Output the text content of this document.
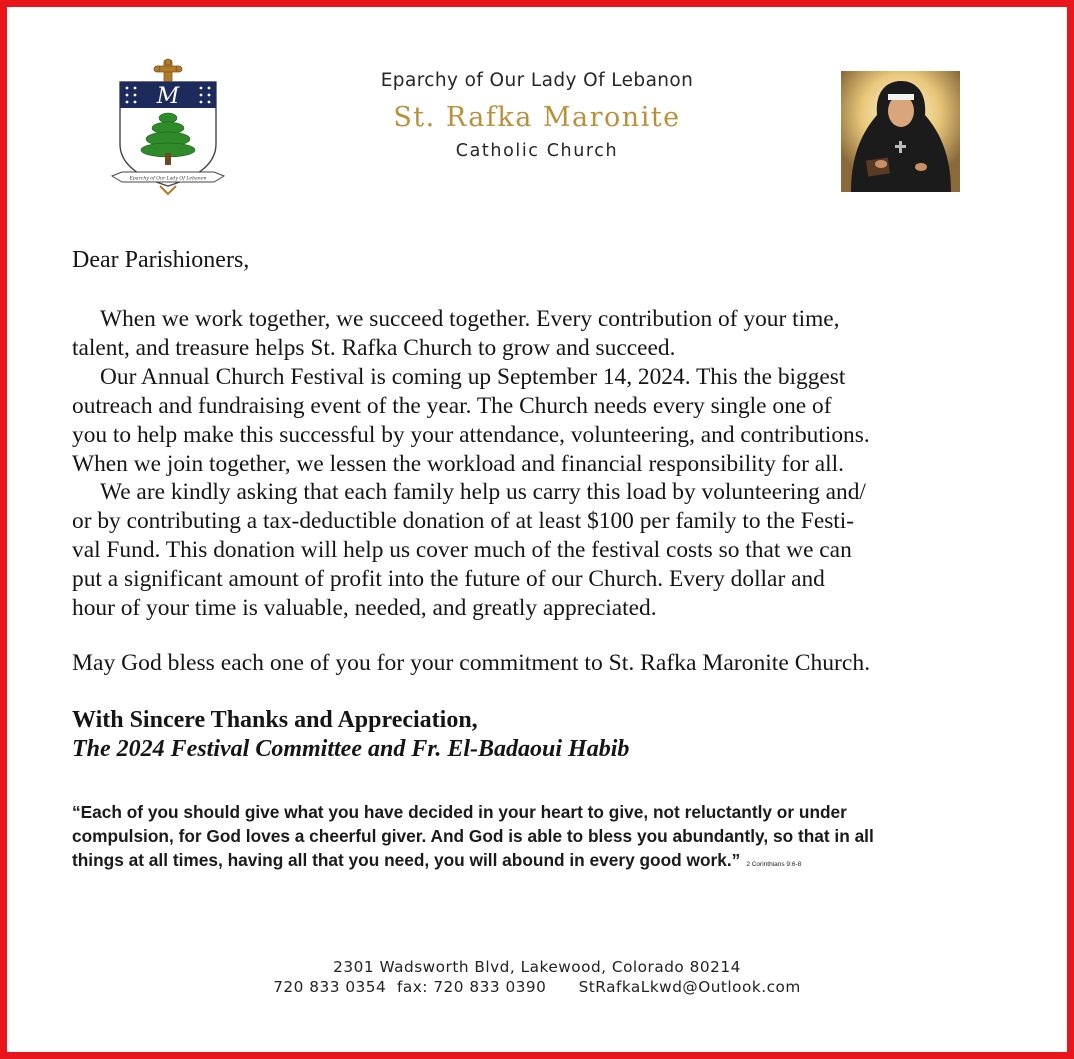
M
Eparchy of Our Lady Of Lebanon
Eparchy of Our Lady Of Lebanon
St. Rafka Maronite
Catholic Church
Dear Parishioners,
When we work together, we succeed together. Every contribution of your time,
talent, and treasure helps St. Rafka Church to grow and succeed.
Our Annual Church Festival is coming up September 14, 2024. This the biggest
outreach and fundraising event of the year. The Church needs every single one of
you to help make this successful by your attendance, volunteering, and contributions.
When we join together, we lessen the workload and financial responsibility for all.
We are kindly asking that each family help us carry this load by volunteering and/
or by contributing a tax-deductible donation of at least $100 per family to the Festi-
val Fund. This donation will help us cover much of the festival costs so that we can
put a significant amount of profit into the future of our Church. Every dollar and
hour of your time is valuable, needed, and greatly appreciated.
May God bless each one of you for your commitment to St. Rafka Maronite Church.
With Sincere Thanks and Appreciation,
The 2024 Festival Committee and Fr. El-Badaoui Habib
“Each of you should give what you have decided in your heart to give, not reluctantly or under
compulsion, for God loves a cheerful giver. And God is able to bless you abundantly, so that in all
things at all times, having all that you need, you will abound in every good work.” 2 Corinthians 9:6-8
2301 Wadsworth Blvd, Lakewood, Colorado 80214
720 833 0354 fax: 720 833 0390 StRafkaLkwd@Outlook.com
